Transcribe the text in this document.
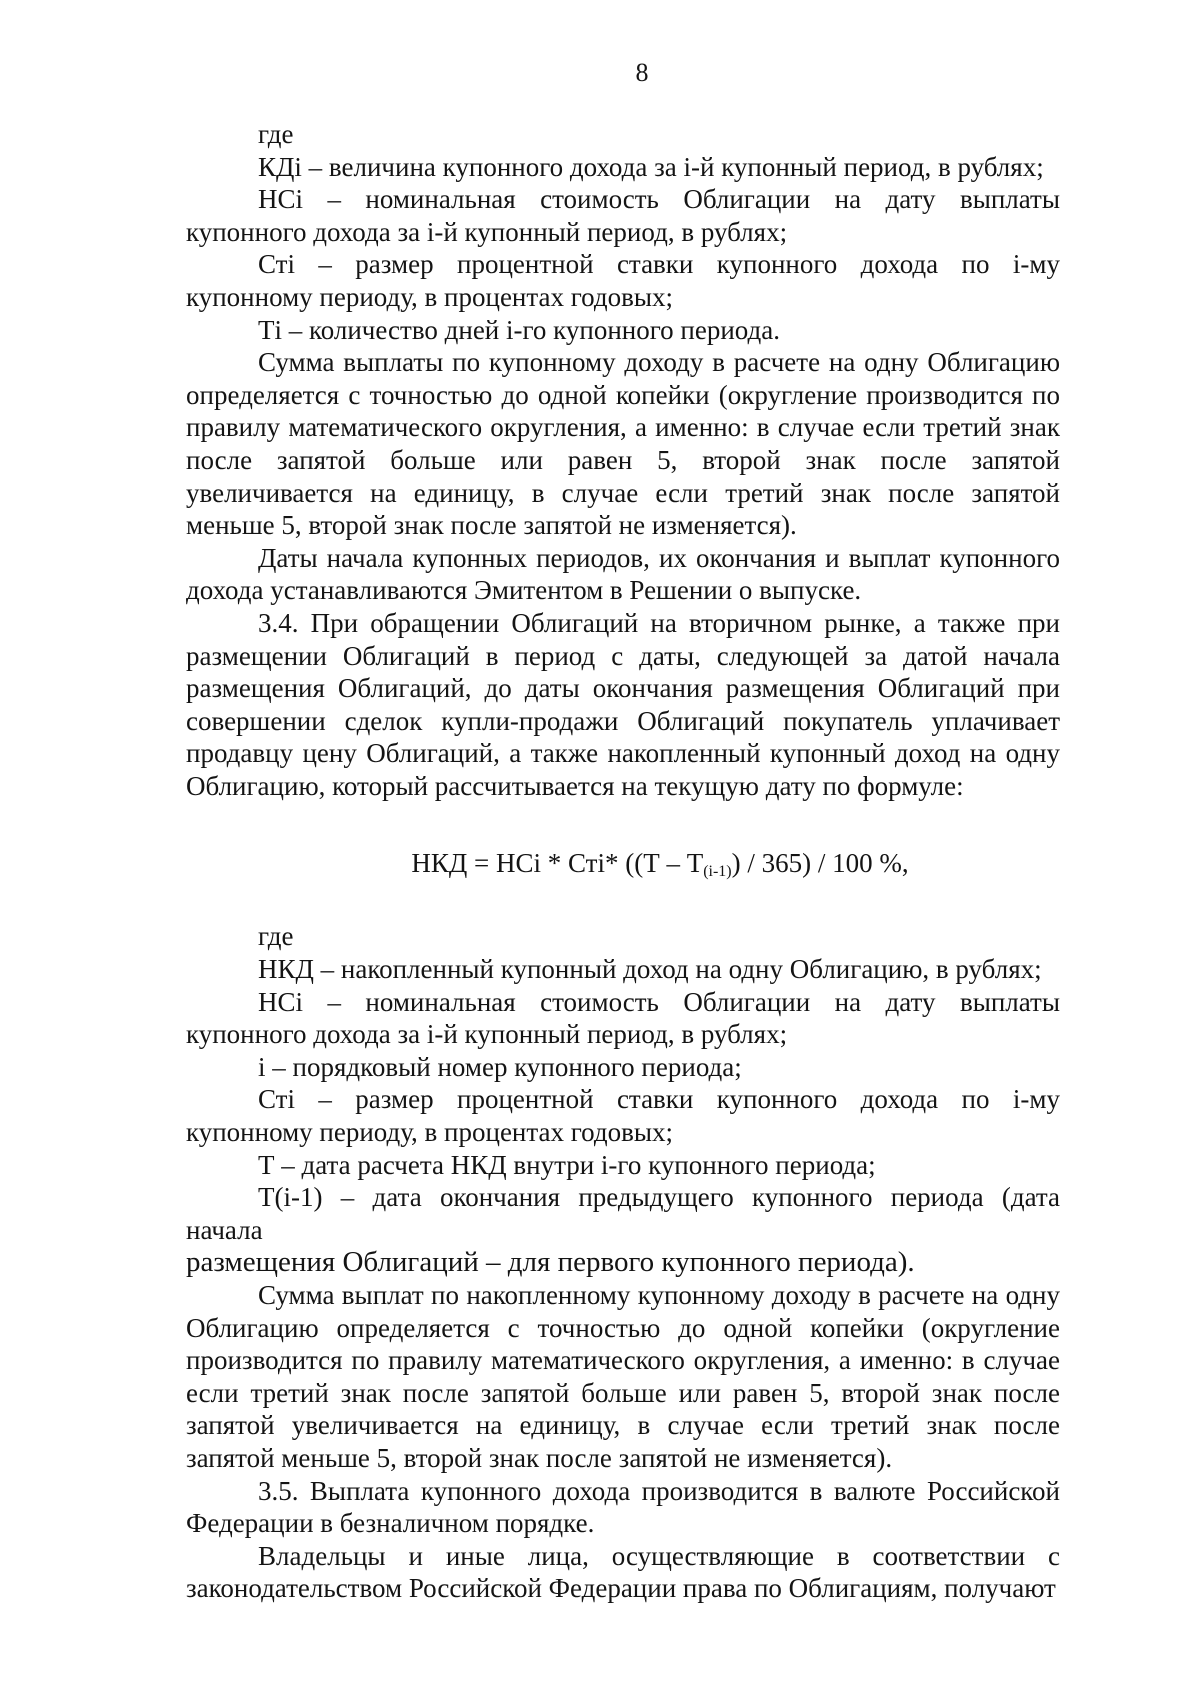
8

где

КДi – величина купонного дохода за i-й купонный период, в рублях;

НСi – номинальная стоимость Облигации на дату выплаты купонного дохода за i-й купонный период, в рублях;

Стi – размер процентной ставки купонного дохода по i-му купонному периоду, в процентах годовых;

Тi – количество дней i-го купонного периода.

Сумма выплаты по купонному доходу в расчете на одну Облигацию определяется с точностью до одной копейки (округление производится по правилу математического округления, а именно: в случае если третий знак после запятой больше или равен 5, второй знак после запятой увеличивается на единицу, в случае если третий знак после запятой меньше 5, второй знак после запятой не изменяется).

Даты начала купонных периодов, их окончания и выплат купонного дохода устанавливаются Эмитентом в Решении о выпуске.

3.4. При обращении Облигаций на вторичном рынке, а также при размещении Облигаций в период с даты, следующей за датой начала размещения Облигаций, до даты окончания размещения Облигаций при совершении сделок купли-продажи Облигаций покупатель уплачивает продавцу цену Облигаций, а также накопленный купонный доход на одну Облигацию, который рассчитывается на текущую дату по формуле:

НКД = НСi * Стi* $((Т - Т_{(i-1)}) / 365) / 100$ %,

где

НКД – накопленный купонный доход на одну Облигацию, в рублях;

НСi – номинальная стоимость Облигации на дату выплаты купонного дохода за i-й купонный период, в рублях;

i – порядковый номер купонного периода;

Стi – размер процентной ставки купонного дохода по i-му купонному периоду, в процентах годовых;

Т – дата расчета НКД внутри i-го купонного периода;

Т(i-1) – дата окончания предыдущего купонного периода (дата начала

размещения Облигаций – для первого купонного периода).

Сумма выплат по накопленному купонному доходу в расчете на одну Облигацию определяется с точностью до одной копейки (округление производится по правилу математического округления, а именно: в случае если третий знак после запятой больше или равен 5, второй знак после запятой увеличивается на единицу, в случае если третий знак после запятой меньше 5, второй знак после запятой не изменяется).

3.5. Выплата купонного дохода производится в валюте Российской Федерации в безналичном порядке.

Владельцы и иные лица, осуществляющие в соответствии с законодательством Российской Федерации права по Облигациям, получают
